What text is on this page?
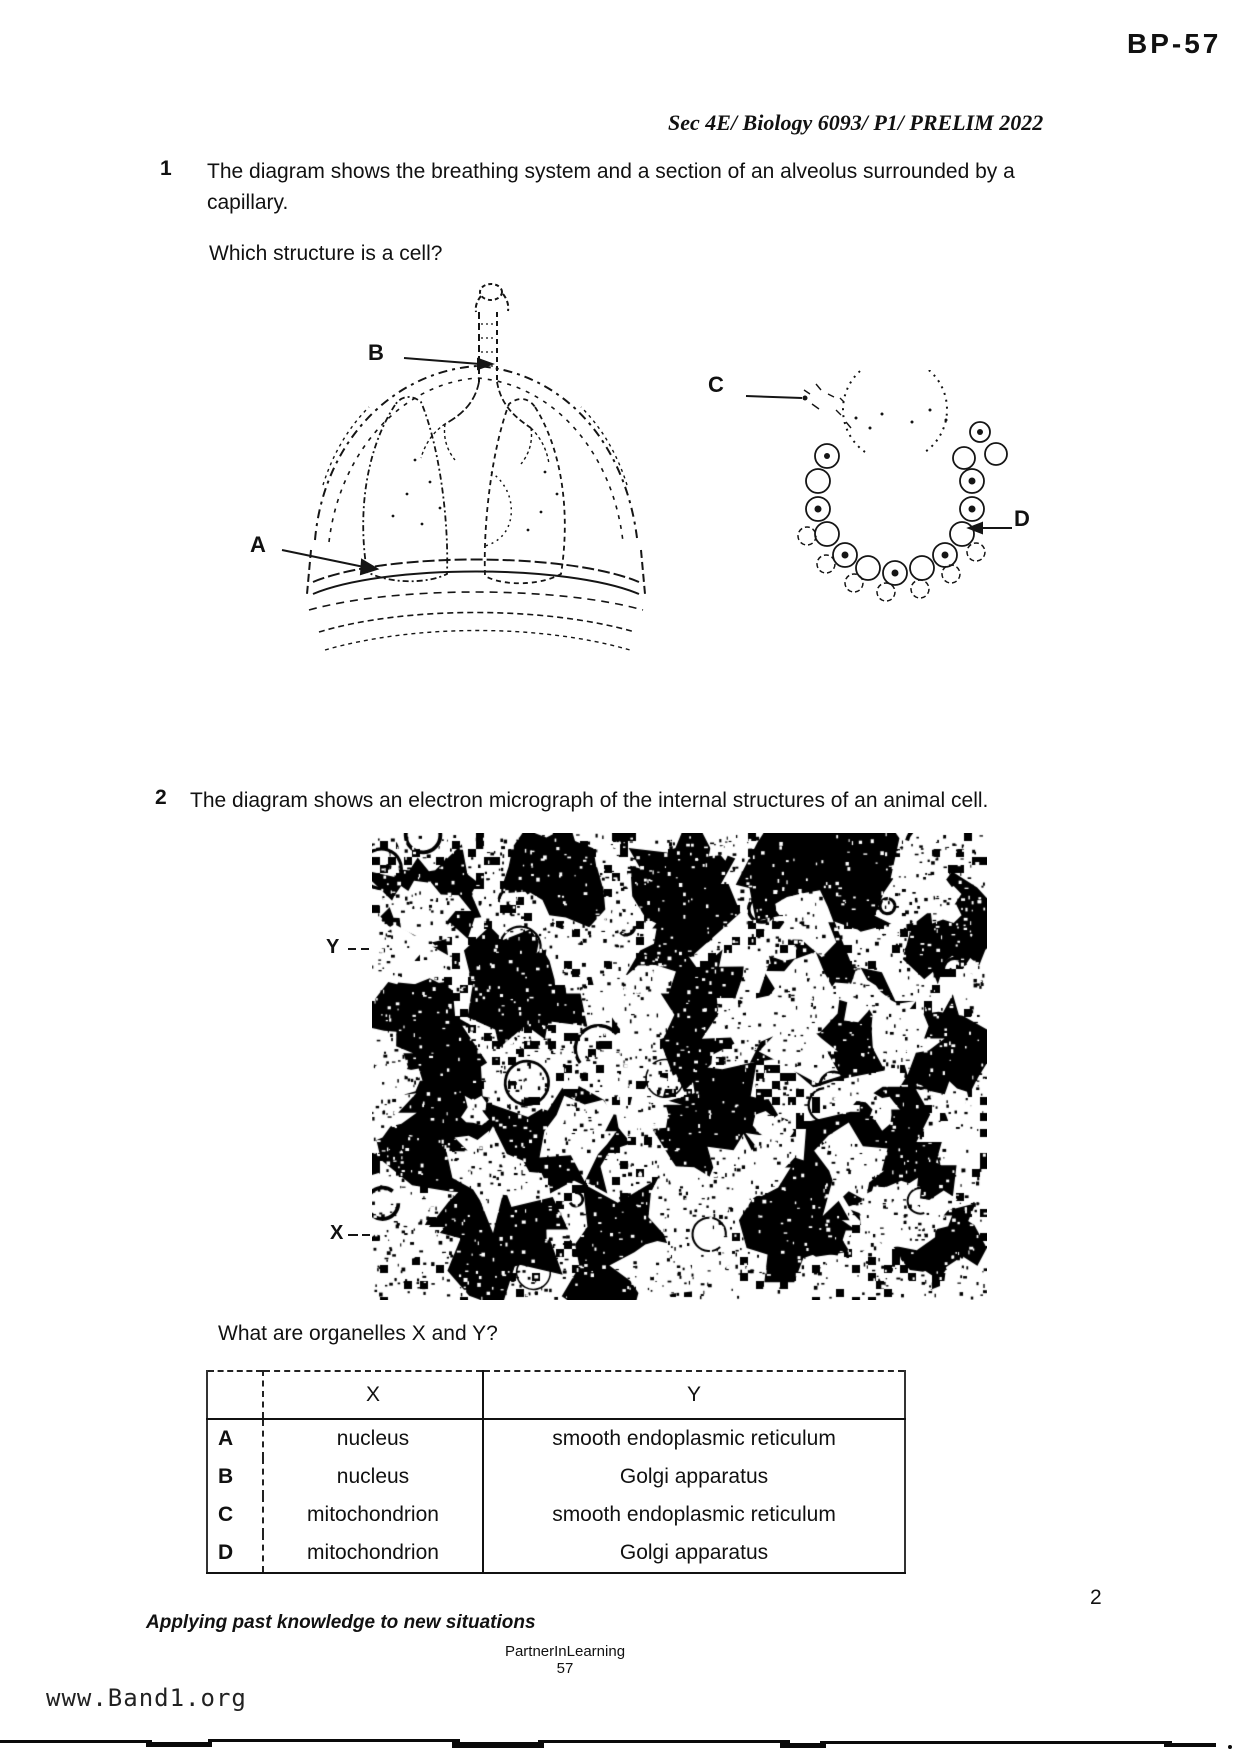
BP-57
Sec 4E/ Biology 6093/ P1/ PRELIM 2022
1 The diagram shows the breathing system and a section of an alveolus surrounded by a capillary.
Which structure is a cell?
B
A
C
D
2 The diagram shows an electron micrograph of the internal structures of an animal cell.
Y
X
What are organelles X and Y?
	X	Y
A	nucleus	smooth endoplasmic reticulum
B	nucleus	Golgi apparatus
C	mitochondrion	smooth endoplasmic reticulum
D	mitochondrion	Golgi apparatus
Applying past knowledge to new situations
PartnerInLearning
57
2
www.Band1.org
